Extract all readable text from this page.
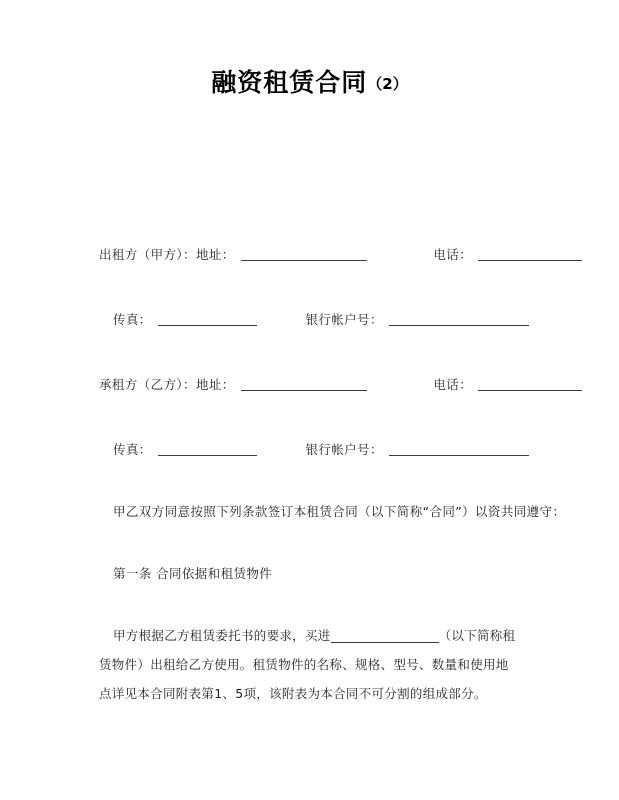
融资租赁合同（2）
出租方（甲方）：地址：	电话：
传真：	银行帐户号：
承租方（乙方）：地址：	电话：
传真：	银行帐户号：
甲乙双方同意按照下列条款签订本租赁合同（以下简称“合同”）以资共同遵守：
第一条 合同依据和租赁物件
甲方根据乙方租赁委托书的要求，买进	（以下简称租赁物件）出租给乙方使用。租赁物件的名称、规格、型号、数量和使用地点详见本合同附表第1、5项，该附表为本合同不可分割的组成部分。
